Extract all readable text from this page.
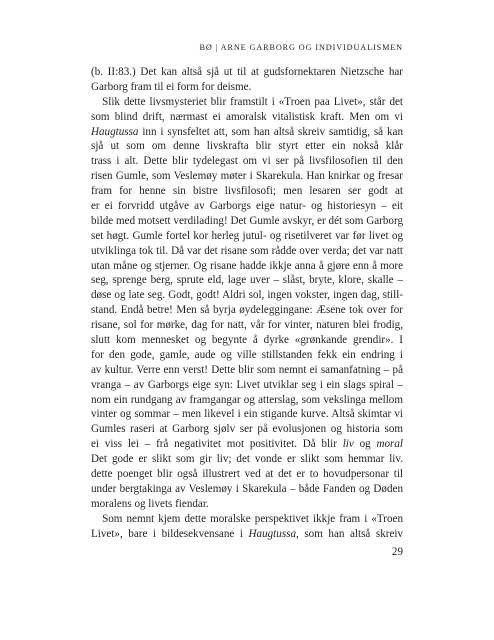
BØ | ARNE GARBORG OG INDIVIDUALISMEN
(b. II:83.) Det kan altså sjå ut til at gudsfornektaren Nietzsche har
Garborg fram til ei form for deisme.
 Slik dette livsmysteriet blir framstilt i «Troen paa Livet», står det
som blind drift, nærmast ei amoralsk vitalistisk kraft. Men om vi
Haugtussa inn i synsfeltet att, som han altså skreiv samtidig, så kan
sjå ut som om denne livskrafta blir styrt etter ein nokså klår
trass i alt. Dette blir tydelegast om vi ser på livsfilosofien til den
risen Gumle, som Veslemøy møter i Skarekula. Han knirkar og fresar
fram for henne sin bistre livsfilosofi; men lesaren ser godt at
er ei forvridd utgåve av Garborgs eige natur- og historiesyn – eit
bilde med motsett verdilading! Det Gumle avskyr, er dét som Garborg
set høgt. Gumle fortel kor herleg jutul- og risetilveret var før livet og
utviklinga tok til. Då var det risane som rådde over verda; det var natt
utan måne og stjerner. Og risane hadde ikkje anna å gjøre enn å more
seg, sprenge berg, sprute eld, lage uver – slåst, bryte, klore, skalle –
døse og late seg. Godt, godt! Aldri sol, ingen vokster, ingen dag, still-
stand. Endå betre! Men så byrja øydeleggingane: Æsene tok over for
risane, sol for mørke, dag for natt, vår for vinter, naturen blei frodig,
slutt kom mennesket og begynte å dyrke «grønkande grendir». I
for den gode, gamle, aude og ville stillstanden fekk ein endring i
av kultur. Verre enn verst! Dette blir som nemnt ei samanfatning – på
vranga – av Garborgs eige syn: Livet utviklar seg i ein slags spiral –
nom ein rundgang av framgangar og atterslag, som vekslinga mellom
vinter og sommar – men likevel i ein stigande kurve. Altså skimtar vi
Gumles raseri at Garborg sjølv ser på evolusjonen og historia som
ei viss lei – frå negativitet mot positivitet. Då blir liv og moral
Det gode er slikt som gir liv; det vonde er slikt som hemmar liv.
dette poenget blir også illustrert ved at det er to hovudpersonar til
under bergtakinga av Veslemøy i Skarekula – både Fanden og Døden
moralens og livets fiendar.
 Som nemnt kjem dette moralske perspektivet ikkje fram i «Troen
Livet», bare i bildesekvensane i Haugtussa, som han altså skreiv
29
